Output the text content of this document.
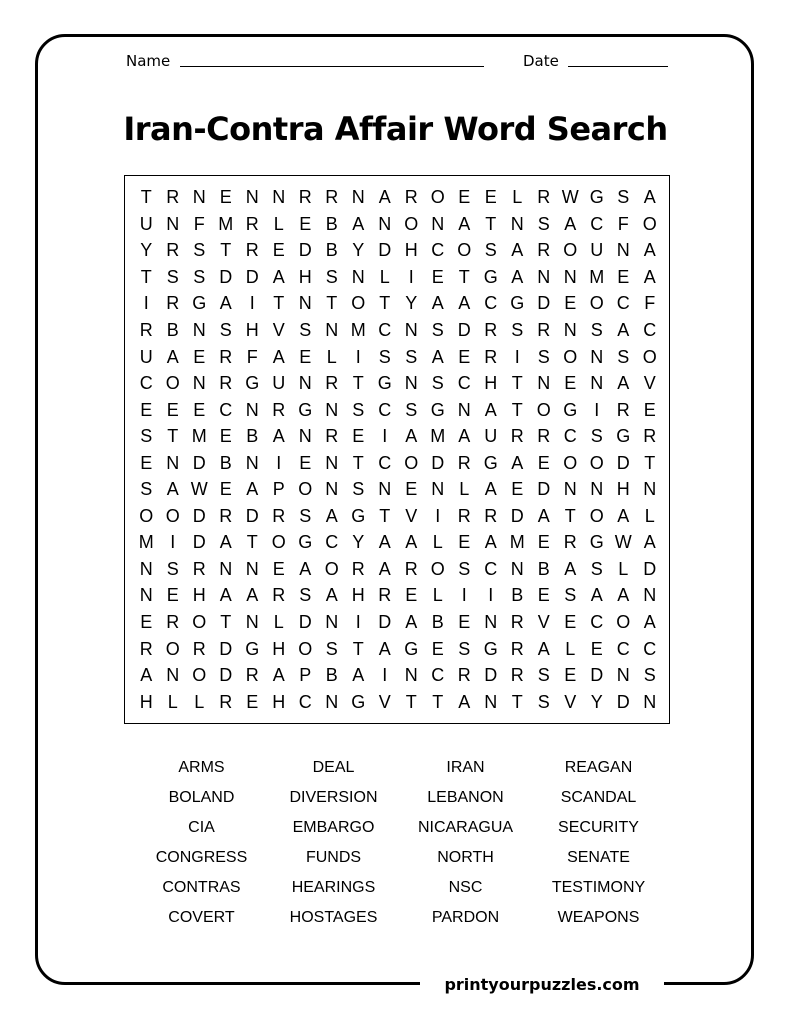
Name	Date
Iran-Contra Affair Word Search
T R N E N N R R N A R O E E L R W G S A
U N F M R L E B A N O N A T N S A C F O
Y R S T R E D B Y D H C O S A R O U N A
T S S D D A H S N L	I E T G A N N M E A
I R G A I	T N T O T Y A A C G D E O C F
R B N S H V S N M C N S D R S R N S A C
U A E R F A E L	I S S A E R I S O N S O
C O N R G U N R T G N S C H T N E N A V
E E E C N R G N S C S G N A T O G I R E
S T M E B A N R E I A M A U R R C S G R
E N D B N I E N T C O D R G A E O O D T
S A W E A P O N S N E N L A E D N N H N
O O D R D R S A G T V I R R D A T O A L
M I D A T O G C Y A A L E A M E R G W A
N S R N N E A O R A R O S C N B A S L D
N E H A A R S A H R E L	I	I B E S A A N
E R O T N L D N I D A B E N R V E C O A
R O R D G H O S T A G E S G R A L E C C
A N O D R A P B A I N C R D R S E D N S
H L L R E H C N G V T T A N T S V Y D N
ARMS	DEAL	IRAN	REAGAN
BOLAND	DIVERSION	LEBANON	SCANDAL
CIA	EMBARGO	NICARAGUA	SECURITY
CONGRESS	FUNDS	NORTH	SENATE
CONTRAS	HEARINGS	NSC	TESTIMONY
COVERT	HOSTAGES	PARDON	WEAPONS
printyourpuzzles.com
